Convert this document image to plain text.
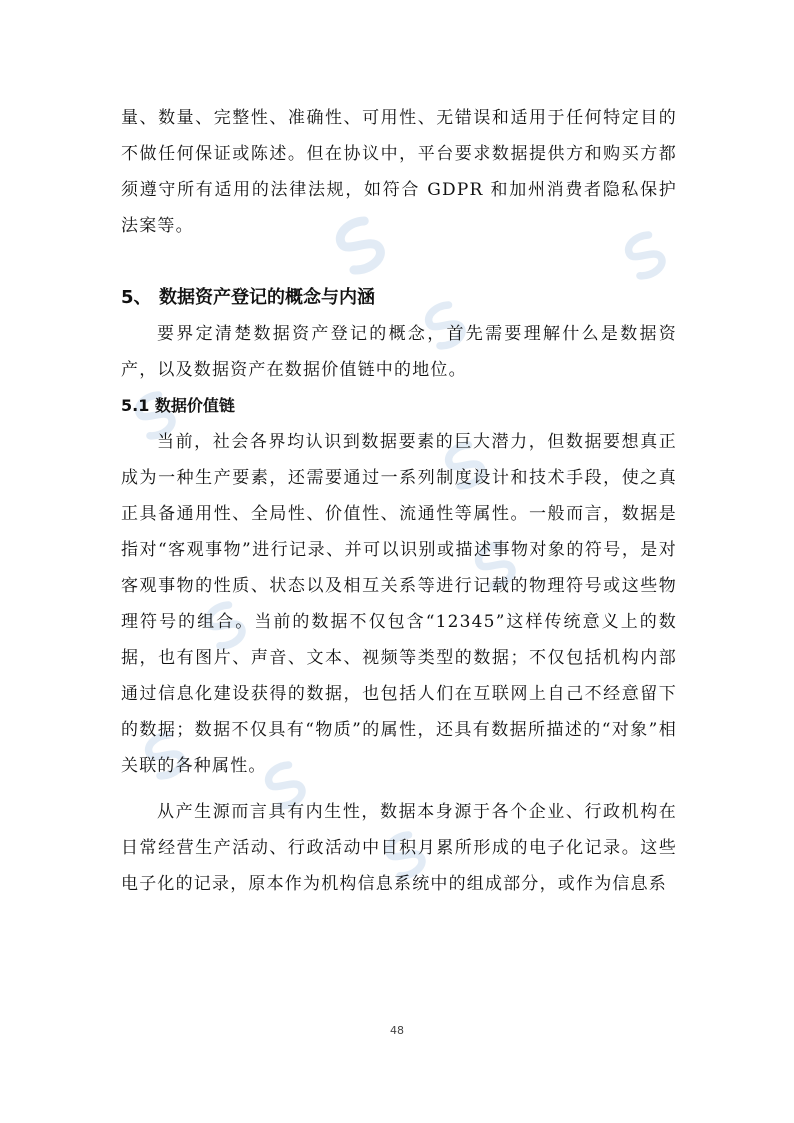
量、数量、完整性、准确性、可用性、无错误和适用于任何特定目的不做任何保证或陈述。但在协议中，平台要求数据提供方和购买方都须遵守所有适用的法律法规，如符合 GDPR 和加州消费者隐私保护法案等。

5、 数据资产登记的概念与内涵

要界定清楚数据资产登记的概念，首先需要理解什么是数据资产，以及数据资产在数据价值链中的地位。

5.1 数据价值链

当前，社会各界均认识到数据要素的巨大潜力，但数据要想真正成为一种生产要素，还需要通过一系列制度设计和技术手段，使之真正具备通用性、全局性、价值性、流通性等属性。一般而言，数据是指对“客观事物”进行记录、并可以识别或描述事物对象的符号，是对客观事物的性质、状态以及相互关系等进行记载的物理符号或这些物理符号的组合。当前的数据不仅包含“12345”这样传统意义上的数据，也有图片、声音、文本、视频等类型的数据；不仅包括机构内部通过信息化建设获得的数据，也包括人们在互联网上自己不经意留下的数据；数据不仅具有“物质”的属性，还具有数据所描述的“对象”相关联的各种属性。

从产生源而言具有内生性，数据本身源于各个企业、行政机构在日常经营生产活动、行政活动中日积月累所形成的电子化记录。这些电子化的记录，原本作为机构信息系统中的组成部分，或作为信息系

48
